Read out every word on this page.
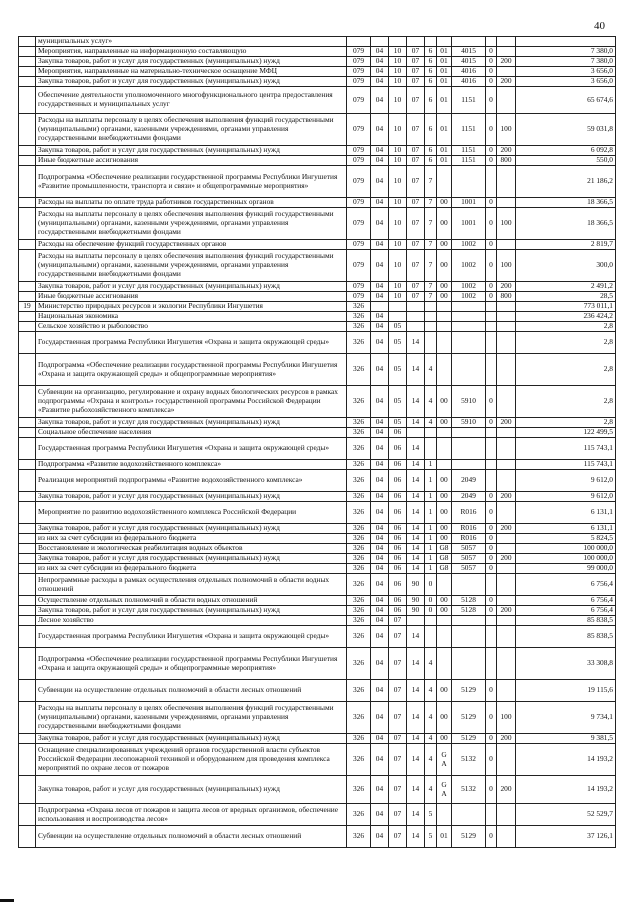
40
	муниципальных услуг»										
	Мероприятия, направленные на информационную составляющую	079	04	10	07	6	01	4015	0		7 380,0
	Закупка товаров, работ и услуг для государственных (муниципальных) нужд	079	04	10	07	6	01	4015	0	200	7 380,0
	Мероприятия, направленные на материально-техническое оснащение МФЦ	079	04	10	07	6	01	4016	0		3 656,0
	Закупка товаров, работ и услуг для государственных (муниципальных) нужд	079	04	10	07	6	01	4016	0	200	3 656,0
	Обеспечение деятельности уполномоченного многофункционального центра предоставления государственных и муниципальных услуг	079	04	10	07	6	01	1151	0		65 674,6
	Расходы на выплаты персоналу в целях обеспечения выполнения функций государственными (муниципальными) органами, казенными учреждениями, органами управления государственными внебюджетными фондами	079	04	10	07	6	01	1151	0	100	59 031,8
	Закупка товаров, работ и услуг для государственных (муниципальных) нужд	079	04	10	07	6	01	1151	0	200	6 092,8
	Иные бюджетные ассигнования	079	04	10	07	6	01	1151	0	800	550,0
	Подпрограмма «Обеспечение реализации государственной программы Республики Ингушетия «Развитие промышленности, транспорта и связи» и общепрограммные мероприятия»	079	04	10	07	7					21 186,2
	Расходы на выплаты по оплате труда работников государственных органов	079	04	10	07	7	00	1001	0		18 366,5
	Расходы на выплаты персоналу в целях обеспечения выполнения функций государственными (муниципальными) органами, казенными учреждениями, органами управления государственными внебюджетными фондами	079	04	10	07	7	00	1001	0	100	18 366,5
	Расходы на обеспечение функций государственных органов	079	04	10	07	7	00	1002	0		2 819,7
	Расходы на выплаты персоналу в целях обеспечения выполнения функций государственными (муниципальными) органами, казенными учреждениями, органами управления государственными внебюджетными фондами	079	04	10	07	7	00	1002	0	100	300,0
	Закупка товаров, работ и услуг для государственных (муниципальных) нужд	079	04	10	07	7	00	1002	0	200	2 491,2
	Иные бюджетные ассигнования	079	04	10	07	7	00	1002	0	800	28,5
19	Министерство природных ресурсов и экологии Республики Ингушетия	326									773 011,1
	Национальная экономика	326	04								236 424,2
	Сельское хозяйство и рыболовство	326	04	05							2,8
	Государственная программа Республики Ингушетия «Охрана и защита окружающей среды»	326	04	05	14						2,8
	Подпрограмма «Обеспечение реализации государственной программы Республики Ингушетия «Охрана и защита окружающей среды» и общепрограммные мероприятия»	326	04	05	14	4					2,8
	Субвенции на организацию, регулирование и охрану водных биологических ресурсов в рамках подпрограммы «Охрана и контроль» государственной программы Российской Федерации «Развитие рыбохозяйственного комплекса»	326	04	05	14	4	00	5910	0		2,8
	Закупка товаров, работ и услуг для государственных (муниципальных) нужд	326	04	05	14	4	00	5910	0	200	2,8
	Социальное обеспечение населения	326	04	06							122 499,5
	Государственная программа Республики Ингушетия «Охрана и защита окружающей среды»	326	04	06	14						115 743,1
	Подпрограмма «Развитие водохозяйственного комплекса»	326	04	06	14	1					115 743,1
	Реализация мероприятий подпрограммы «Развитие водохозяйственного комплекса»	326	04	06	14	1	00	2049			9 612,0
	Закупка товаров, работ и услуг для государственных (муниципальных) нужд	326	04	06	14	1	00	2049	0	200	9 612,0
	Мероприятие по развитию водохозяйственного комплекса Российской Федерации	326	04	06	14	1	00	R016	0		6 131,1
	Закупка товаров, работ и услуг для государственных (муниципальных) нужд	326	04	06	14	1	00	R016	0	200	6 131,1
	из них за счет субсидии из федерального бюджета	326	04	06	14	1	00	R016	0		5 824,5
	Восстановление и экологическая реабилитация водных объектов	326	04	06	14	1	G8	5057	0		100 000,0
	Закупка товаров, работ и услуг для государственных (муниципальных) нужд	326	04	06	14	1	G8	5057	0	200	100 000,0
	из них за счет субсидии из федерального бюджета	326	04	06	14	1	G8	5057	0		99 000,0
	Непрограммные расходы в рамках осуществления отдельных полномочий в области водных отношений	326	04	06	90	0					6 756,4
	Осуществление отдельных полномочий в области водных отношений	326	04	06	90	0	00	5128	0		6 756,4
	Закупка товаров, работ и услуг для государственных (муниципальных) нужд	326	04	06	90	0	00	5128	0	200	6 756,4
	Лесное хозяйство	326	04	07							85 838,5
	Государственная программа Республики Ингушетия «Охрана и защита окружающей среды»	326	04	07	14						85 838,5
	Подпрограмма «Обеспечение реализации государственной программы Республики Ингушетия «Охрана и защита окружающей среды» и общепрограммные мероприятия»	326	04	07	14	4					33 308,8
	Субвенции на осуществление отдельных полномочий в области лесных отношений	326	04	07	14	4	00	5129	0		19 115,6
	Расходы на выплаты персоналу в целях обеспечения выполнения функций государственными (муниципальными) органами, казенными учреждениями, органами управления государственными внебюджетными фондами	326	04	07	14	4	00	5129	0	100	9 734,1
	Закупка товаров, работ и услуг для государственных (муниципальных) нужд	326	04	07	14	4	00	5129	0	200	9 381,5
	Оснащение специализированных учреждений органов государственной власти субъектов Российской Федерации лесопожарной техникой и оборудованием для проведения комплекса мероприятий по охране лесов от пожаров	326	04	07	14	4	G A	5132	0		14 193,2
	Закупка товаров, работ и услуг для государственных (муниципальных) нужд	326	04	07	14	4	G A	5132	0	200	14 193,2
	Подпрограмма «Охрана лесов от пожаров и защита лесов от вредных организмов, обеспечение использования и воспроизводства лесов»	326	04	07	14	5					52 529,7
	Субвенции на осуществление отдельных полномочий в области лесных отношений	326	04	07	14	5	01	5129	0		37 126,1
